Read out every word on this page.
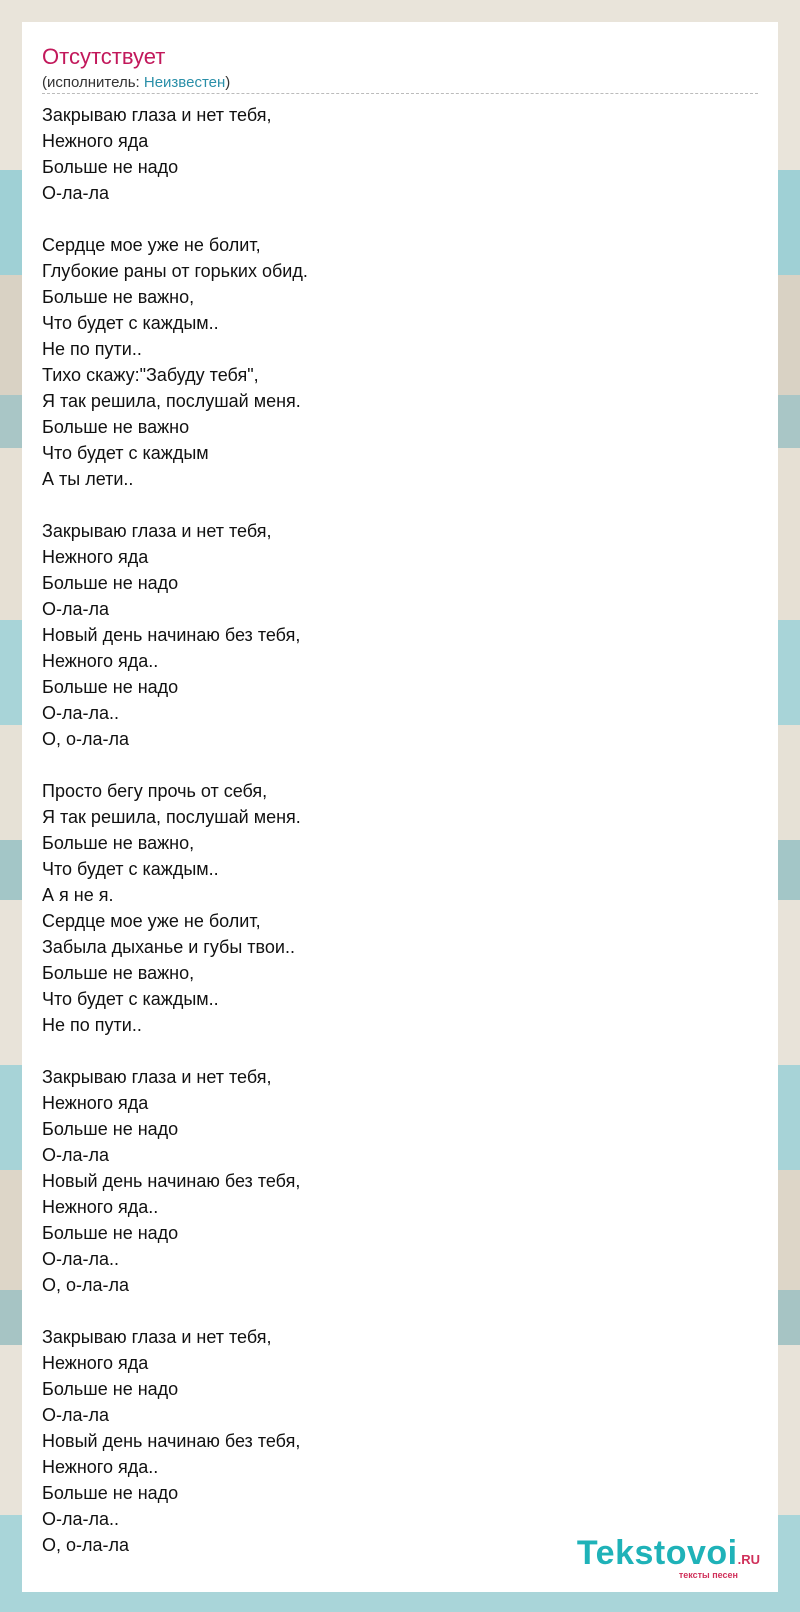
Отсутствует
(исполнитель: Неизвестен)
Закрываю глаза и нет тебя,
Нежного яда
Больше не надо
О-ла-ла
Сердце мое уже не болит,
Глубокие раны от горьких обид.
Больше не важно,
Что будет с каждым..
Не по пути..
Тихо скажу:"Забуду тебя",
Я так решила, послушай меня.
Больше не важно
Что будет с каждым
А ты лети..
Закрываю глаза и нет тебя,
Нежного яда
Больше не надо
О-ла-ла
Новый день начинаю без тебя,
Нежного яда..
Больше не надо
О-ла-ла..
О, о-ла-ла
Просто бегу прочь от себя,
Я так решила, послушай меня.
Больше не важно,
Что будет с каждым..
А я не я.
Сердце мое уже не болит,
Забыла дыханье и губы твои..
Больше не важно,
Что будет с каждым..
Не по пути..
Закрываю глаза и нет тебя,
Нежного яда
Больше не надо
О-ла-ла
Новый день начинаю без тебя,
Нежного яда..
Больше не надо
О-ла-ла..
О, о-ла-ла
Закрываю глаза и нет тебя,
Нежного яда
Больше не надо
О-ла-ла
Новый день начинаю без тебя,
Нежного яда..
Больше не надо
О-ла-ла..
О, о-ла-ла	Tekstovoi.RU
тексты песен
